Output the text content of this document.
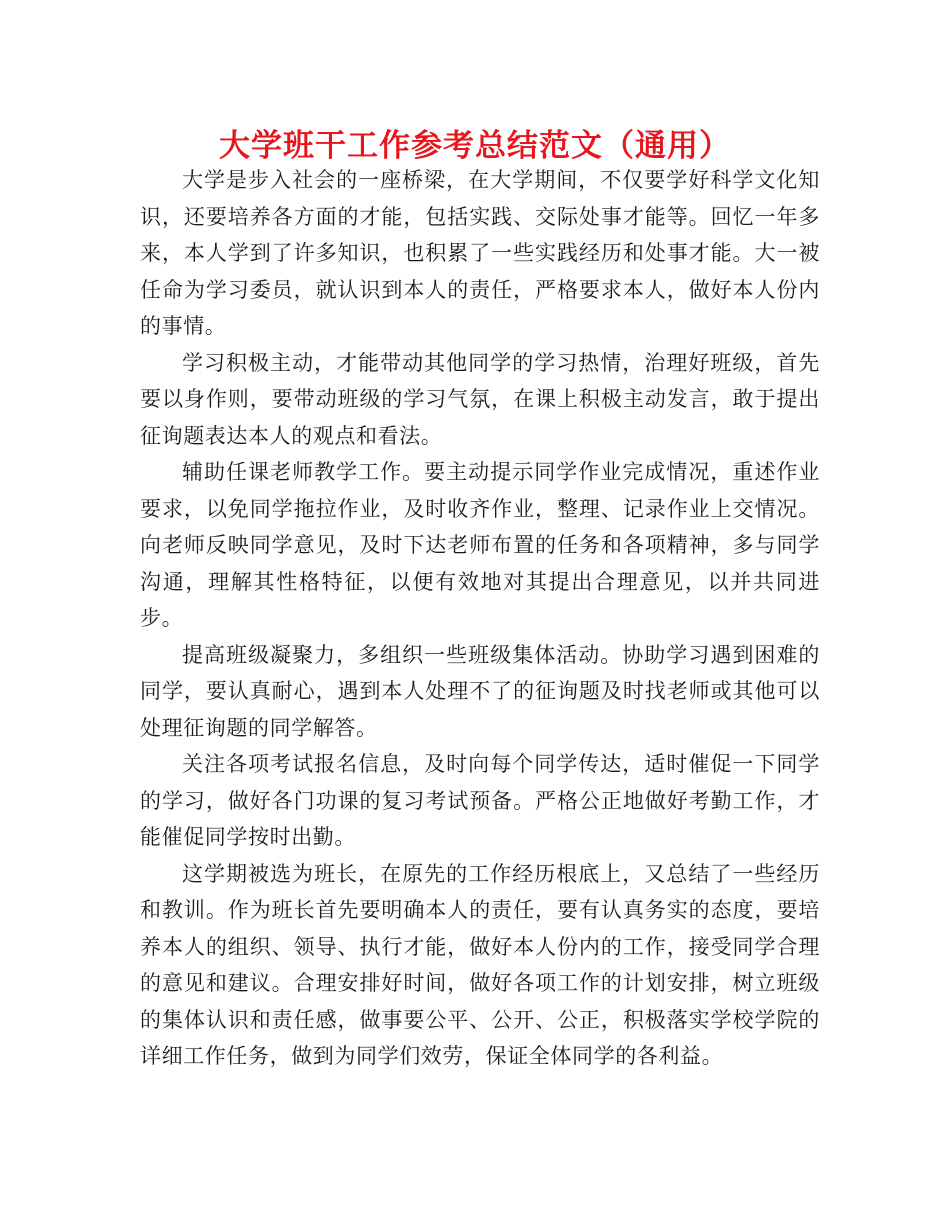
大学班干工作参考总结范文（通用）

大学是步入社会的一座桥梁，在大学期间，不仅要学好科学文化知识，还要培养各方面的才能，包括实践、交际处事才能等。回忆一年多来，本人学到了许多知识，也积累了一些实践经历和处事才能。大一被任命为学习委员，就认识到本人的责任，严格要求本人，做好本人份内的事情。

学习积极主动，才能带动其他同学的学习热情，治理好班级，首先要以身作则，要带动班级的学习气氛，在课上积极主动发言，敢于提出征询题表达本人的观点和看法。

辅助任课老师教学工作。要主动提示同学作业完成情况，重述作业要求，以免同学拖拉作业，及时收齐作业，整理、记录作业上交情况。向老师反映同学意见，及时下达老师布置的任务和各项精神，多与同学沟通，理解其性格特征，以便有效地对其提出合理意见，以并共同进步。

提高班级凝聚力，多组织一些班级集体活动。协助学习遇到困难的同学，要认真耐心，遇到本人处理不了的征询题及时找老师或其他可以处理征询题的同学解答。

关注各项考试报名信息，及时向每个同学传达，适时催促一下同学的学习，做好各门功课的复习考试预备。严格公正地做好考勤工作，才能催促同学按时出勤。

这学期被选为班长，在原先的工作经历根底上，又总结了一些经历和教训。作为班长首先要明确本人的责任，要有认真务实的态度，要培养本人的组织、领导、执行才能，做好本人份内的工作，接受同学合理的意见和建议。合理安排好时间，做好各项工作的计划安排，树立班级的集体认识和责任感，做事要公平、公开、公正，积极落实学校学院的详细工作任务，做到为同学们效劳，保证全体同学的各利益。
